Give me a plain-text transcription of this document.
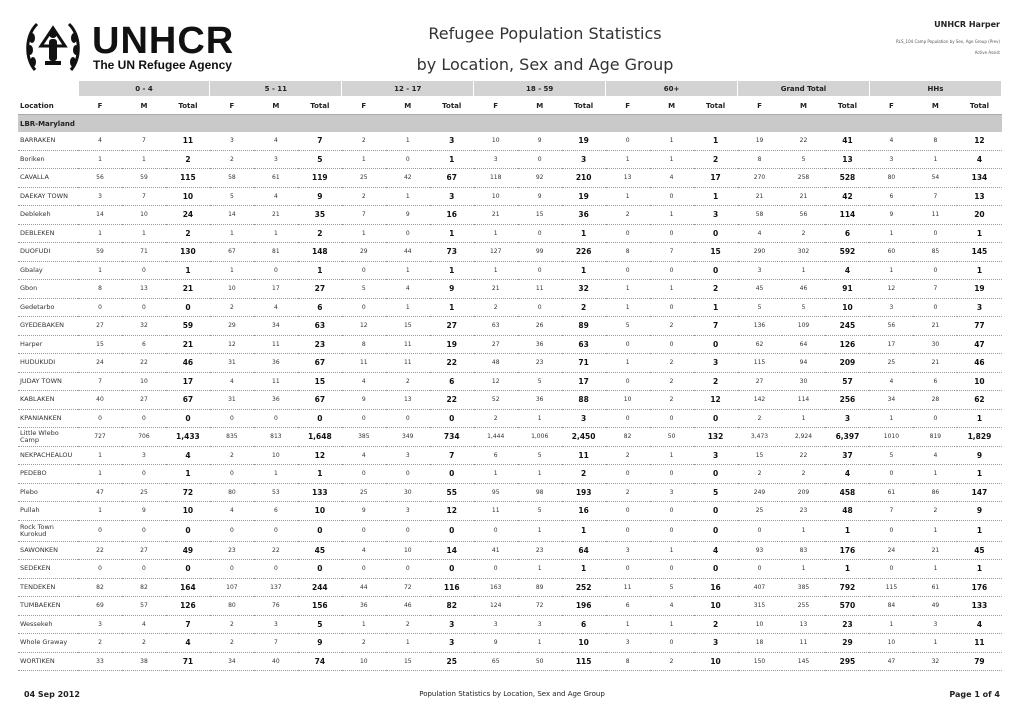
UNHCR
The UN Refugee Agency
Refugee Population Statistics
by Location, Sex and Age Group
UNHCR Harper
RLS_104 Camp Population by Sex, Age Group (Prev)
Active Assist
	0 - 4			5 - 11			12 - 17			18 - 59			60+			Grand Total			HHs		
Location	F	M	Total	F	M	Total	F	M	Total	F	M	Total	F	M	Total	F	M	Total	F	M	Total
LBR-Maryland																					
BARRAKEN	4	7	11	3	4	7	2	1	3	10	9	19	0	1	1	19	22	41	4	8	12
Boriken	1	1	2	2	3	5	1	0	1	3	0	3	1	1	2	8	5	13	3	1	4
CAVALLA	56	59	115	58	61	119	25	42	67	118	92	210	13	4	17	270	258	528	80	54	134
DAEKAY TOWN	3	7	10	5	4	9	2	1	3	10	9	19	1	0	1	21	21	42	6	7	13
Deblekeh	14	10	24	14	21	35	7	9	16	21	15	36	2	1	3	58	56	114	9	11	20
DEBLEKEN	1	1	2	1	1	2	1	0	1	1	0	1	0	0	0	4	2	6	1	0	1
DUOFUDI	59	71	130	67	81	148	29	44	73	127	99	226	8	7	15	290	302	592	60	85	145
Gbalay	1	0	1	1	0	1	0	1	1	1	0	1	0	0	0	3	1	4	1	0	1
Gbon	8	13	21	10	17	27	5	4	9	21	11	32	1	1	2	45	46	91	12	7	19
Gedetarbo	0	0	0	2	4	6	0	1	1	2	0	2	1	0	1	5	5	10	3	0	3
GYEDEBAKEN	27	32	59	29	34	63	12	15	27	63	26	89	5	2	7	136	109	245	56	21	77
Harper	15	6	21	12	11	23	8	11	19	27	36	63	0	0	0	62	64	126	17	30	47
HUDUKUDI	24	22	46	31	36	67	11	11	22	48	23	71	1	2	3	115	94	209	25	21	46
JUDAY TOWN	7	10	17	4	11	15	4	2	6	12	5	17	0	2	2	27	30	57	4	6	10
KABLAKEN	40	27	67	31	36	67	9	13	22	52	36	88	10	2	12	142	114	256	34	28	62
KPANIANKEN	0	0	0	0	0	0	0	0	0	2	1	3	0	0	0	2	1	3	1	0	1
Little Wlebo Camp	727	706	1,433	835	813	1,648	385	349	734	1,444	1,006	2,450	82	50	132	3,473	2,924	6,397	1010	819	1,829
NEKPACHEALOU	1	3	4	2	10	12	4	3	7	6	5	11	2	1	3	15	22	37	5	4	9
PEDEBO	1	0	1	0	1	1	0	0	0	1	1	2	0	0	0	2	2	4	0	1	1
Plebo	47	25	72	80	53	133	25	30	55	95	98	193	2	3	5	249	209	458	61	86	147
Pullah	1	9	10	4	6	10	9	3	12	11	5	16	0	0	0	25	23	48	7	2	9
Rock Town Kurokud	0	0	0	0	0	0	0	0	0	0	1	1	0	0	0	0	1	1	0	1	1
SAWONKEN	22	27	49	23	22	45	4	10	14	41	23	64	3	1	4	93	83	176	24	21	45
SEDEKEN	0	0	0	0	0	0	0	0	0	0	1	1	0	0	0	0	1	1	0	1	1
TENDEKEN	82	82	164	107	137	244	44	72	116	163	89	252	11	5	16	407	385	792	115	61	176
TUMBAEKEN	69	57	126	80	76	156	36	46	82	124	72	196	6	4	10	315	255	570	84	49	133
Wessekeh	3	4	7	2	3	5	1	2	3	3	3	6	1	1	2	10	13	23	1	3	4
Whole Graway	2	2	4	2	7	9	2	1	3	9	1	10	3	0	3	18	11	29	10	1	11
WORTIKEN	33	38	71	34	40	74	10	15	25	65	50	115	8	2	10	150	145	295	47	32	79
Population Statistics by Location, Sex and Age Group
04 Sep 2012	Page 1 of 4
